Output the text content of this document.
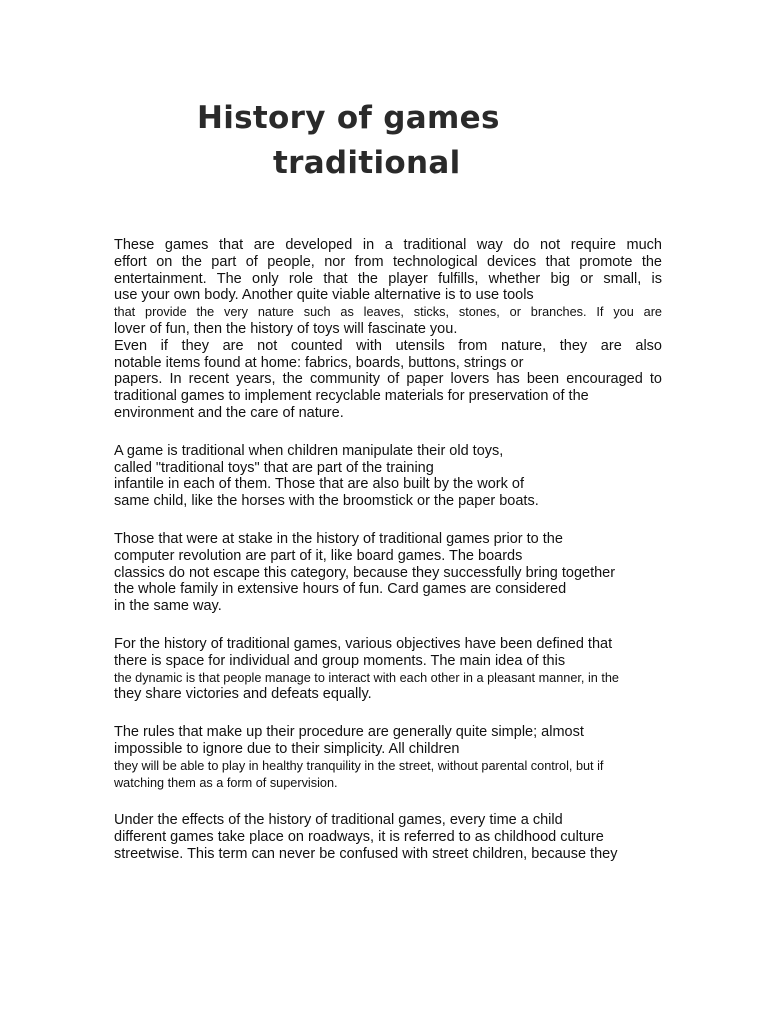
History of games
traditional
These games that are developed in a traditional way do not require much
effort on the part of people, nor from technological devices that promote the
entertainment. The only role that the player fulfills, whether big or small, is
use your own body. Another quite viable alternative is to use tools
that provide the very nature such as leaves, sticks, stones, or branches. If you are
lover of fun, then the history of toys will fascinate you.
Even if they are not counted with utensils from nature, they are also
notable items found at home: fabrics, boards, buttons, strings or
papers. In recent years, the community of paper lovers has been encouraged to
traditional games to implement recyclable materials for preservation of the
environment and the care of nature.
A game is traditional when children manipulate their old toys,
called "traditional toys" that are part of the training
infantile in each of them. Those that are also built by the work of
same child, like the horses with the broomstick or the paper boats.
Those that were at stake in the history of traditional games prior to the
computer revolution are part of it, like board games. The boards
classics do not escape this category, because they successfully bring together
the whole family in extensive hours of fun. Card games are considered
in the same way.
For the history of traditional games, various objectives have been defined that
there is space for individual and group moments. The main idea of this
the dynamic is that people manage to interact with each other in a pleasant manner, in the
they share victories and defeats equally.
The rules that make up their procedure are generally quite simple; almost
impossible to ignore due to their simplicity. All children
they will be able to play in healthy tranquility in the street, without parental control, but if
watching them as a form of supervision.
Under the effects of the history of traditional games, every time a child
different games take place on roadways, it is referred to as childhood culture
streetwise. This term can never be confused with street children, because they
